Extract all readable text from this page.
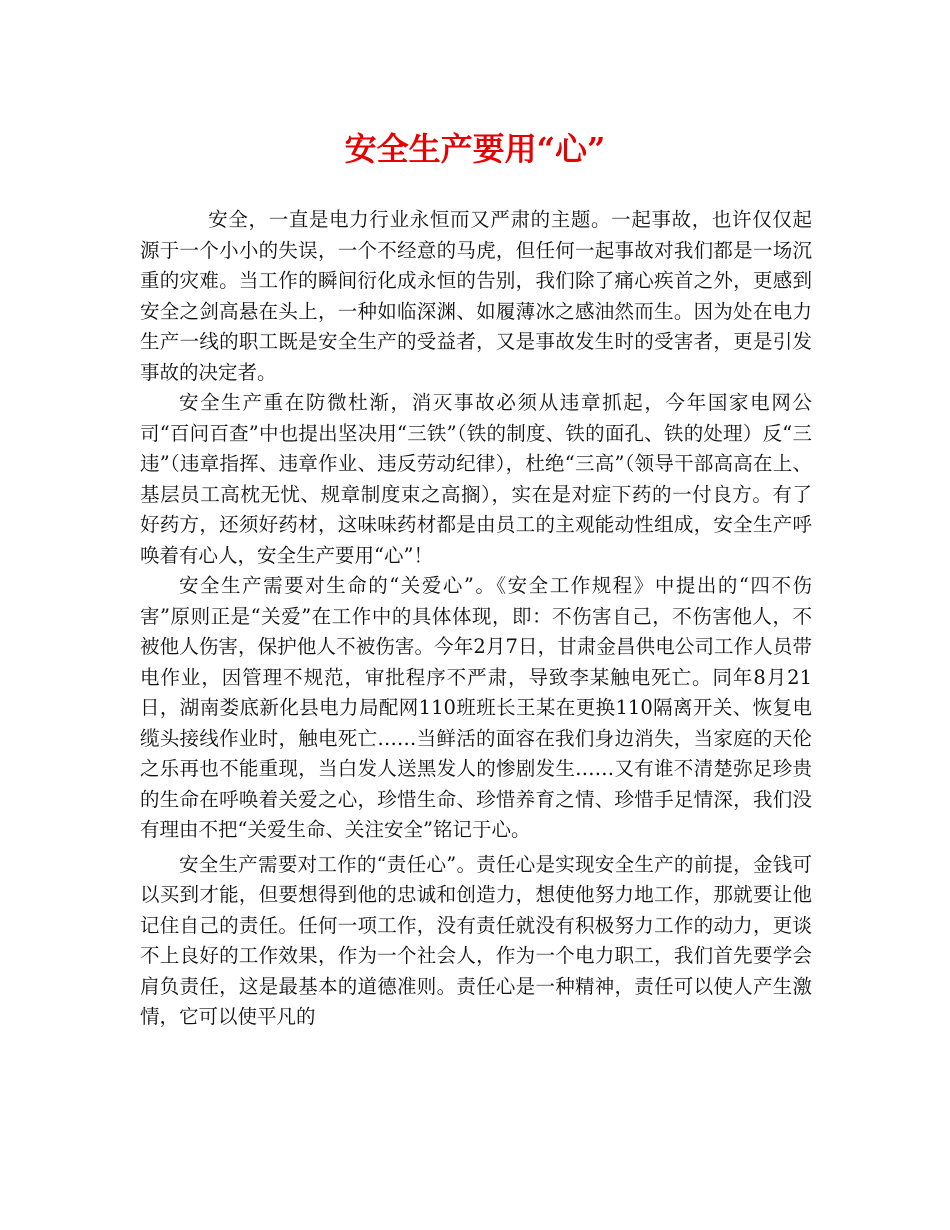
安全生产要用“心”

安全，一直是电力行业永恒而又严肃的主题。一起事故，也许仅仅起源于一个小小的失误，一个不经意的马虎，但任何一起事故对我们都是一场沉重的灾难。当工作的瞬间衍化成永恒的告别，我们除了痛心疾首之外，更感到安全之剑高悬在头上，一种如临深渊、如履薄冰之感油然而生。因为处在电力生产一线的职工既是安全生产的受益者，又是事故发生时的受害者，更是引发事故的决定者。

安全生产重在防微杜渐，消灭事故必须从违章抓起，今年国家电网公司“百问百查”中也提出坚决用“三铁”（铁的制度、铁的面孔、铁的处理）反“三违”（违章指挥、违章作业、违反劳动纪律），杜绝“三高”（领导干部高高在上、基层员工高枕无忧、规章制度束之高搁），实在是对症下药的一付良方。有了好药方，还须好药材，这味味药材都是由员工的主观能动性组成，安全生产呼唤着有心人，安全生产要用“心”！

安全生产需要对生命的“关爱心”。《安全工作规程》中提出的“四不伤害”原则正是“关爱”在工作中的具体体现，即：不伤害自己，不伤害他人，不被他人伤害，保护他人不被伤害。今年2月7日，甘肃金昌供电公司工作人员带电作业，因管理不规范，审批程序不严肃，导致李某触电死亡。同年8月21日，湖南娄底新化县电力局配网110班班长王某在更换110隔离开关、恢复电缆头接线作业时，触电死亡……当鲜活的面容在我们身边消失，当家庭的天伦之乐再也不能重现，当白发人送黑发人的惨剧发生……又有谁不清楚弥足珍贵的生命在呼唤着关爱之心，珍惜生命、珍惜养育之情、珍惜手足情深，我们没有理由不把“关爱生命、关注安全”铭记于心。

安全生产需要对工作的“责任心”。责任心是实现安全生产的前提，金钱可以买到才能，但要想得到他的忠诚和创造力，想使他努力地工作，那就要让他记住自己的责任。任何一项工作，没有责任就没有积极努力工作的动力，更谈不上良好的工作效果，作为一个社会人，作为一个电力职工，我们首先要学会肩负责任，这是最基本的道德准则。责任心是一种精神，责任可以使人产生激情，它可以使平凡的
